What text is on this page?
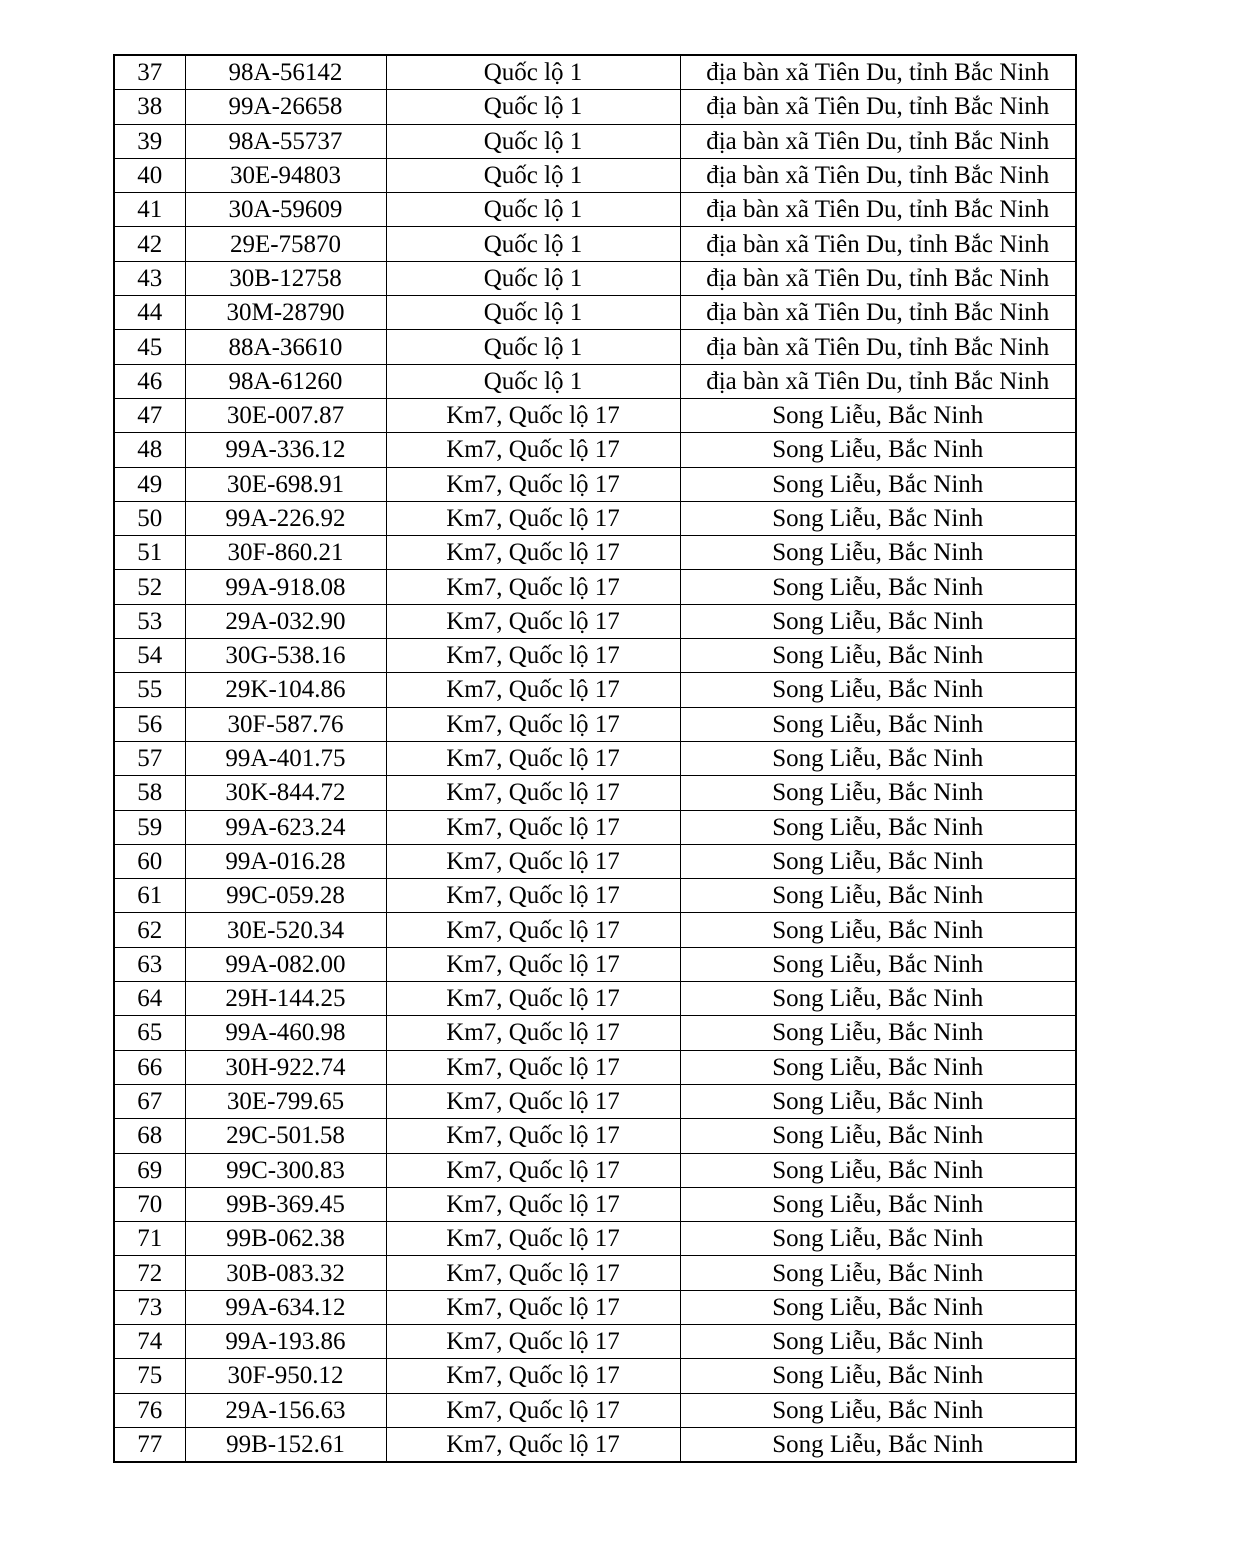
37	98A-56142	Quốc lộ 1	địa bàn xã Tiên Du, tỉnh Bắc Ninh
38	99A-26658	Quốc lộ 1	địa bàn xã Tiên Du, tỉnh Bắc Ninh
39	98A-55737	Quốc lộ 1	địa bàn xã Tiên Du, tỉnh Bắc Ninh
40	30E-94803	Quốc lộ 1	địa bàn xã Tiên Du, tỉnh Bắc Ninh
41	30A-59609	Quốc lộ 1	địa bàn xã Tiên Du, tỉnh Bắc Ninh
42	29E-75870	Quốc lộ 1	địa bàn xã Tiên Du, tỉnh Bắc Ninh
43	30B-12758	Quốc lộ 1	địa bàn xã Tiên Du, tỉnh Bắc Ninh
44	30M-28790	Quốc lộ 1	địa bàn xã Tiên Du, tỉnh Bắc Ninh
45	88A-36610	Quốc lộ 1	địa bàn xã Tiên Du, tỉnh Bắc Ninh
46	98A-61260	Quốc lộ 1	địa bàn xã Tiên Du, tỉnh Bắc Ninh
47	30E-007.87	Km7, Quốc lộ 17	Song Liễu, Bắc Ninh
48	99A-336.12	Km7, Quốc lộ 17	Song Liễu, Bắc Ninh
49	30E-698.91	Km7, Quốc lộ 17	Song Liễu, Bắc Ninh
50	99A-226.92	Km7, Quốc lộ 17	Song Liễu, Bắc Ninh
51	30F-860.21	Km7, Quốc lộ 17	Song Liễu, Bắc Ninh
52	99A-918.08	Km7, Quốc lộ 17	Song Liễu, Bắc Ninh
53	29A-032.90	Km7, Quốc lộ 17	Song Liễu, Bắc Ninh
54	30G-538.16	Km7, Quốc lộ 17	Song Liễu, Bắc Ninh
55	29K-104.86	Km7, Quốc lộ 17	Song Liễu, Bắc Ninh
56	30F-587.76	Km7, Quốc lộ 17	Song Liễu, Bắc Ninh
57	99A-401.75	Km7, Quốc lộ 17	Song Liễu, Bắc Ninh
58	30K-844.72	Km7, Quốc lộ 17	Song Liễu, Bắc Ninh
59	99A-623.24	Km7, Quốc lộ 17	Song Liễu, Bắc Ninh
60	99A-016.28	Km7, Quốc lộ 17	Song Liễu, Bắc Ninh
61	99C-059.28	Km7, Quốc lộ 17	Song Liễu, Bắc Ninh
62	30E-520.34	Km7, Quốc lộ 17	Song Liễu, Bắc Ninh
63	99A-082.00	Km7, Quốc lộ 17	Song Liễu, Bắc Ninh
64	29H-144.25	Km7, Quốc lộ 17	Song Liễu, Bắc Ninh
65	99A-460.98	Km7, Quốc lộ 17	Song Liễu, Bắc Ninh
66	30H-922.74	Km7, Quốc lộ 17	Song Liễu, Bắc Ninh
67	30E-799.65	Km7, Quốc lộ 17	Song Liễu, Bắc Ninh
68	29C-501.58	Km7, Quốc lộ 17	Song Liễu, Bắc Ninh
69	99C-300.83	Km7, Quốc lộ 17	Song Liễu, Bắc Ninh
70	99B-369.45	Km7, Quốc lộ 17	Song Liễu, Bắc Ninh
71	99B-062.38	Km7, Quốc lộ 17	Song Liễu, Bắc Ninh
72	30B-083.32	Km7, Quốc lộ 17	Song Liễu, Bắc Ninh
73	99A-634.12	Km7, Quốc lộ 17	Song Liễu, Bắc Ninh
74	99A-193.86	Km7, Quốc lộ 17	Song Liễu, Bắc Ninh
75	30F-950.12	Km7, Quốc lộ 17	Song Liễu, Bắc Ninh
76	29A-156.63	Km7, Quốc lộ 17	Song Liễu, Bắc Ninh
77	99B-152.61	Km7, Quốc lộ 17	Song Liễu, Bắc Ninh
